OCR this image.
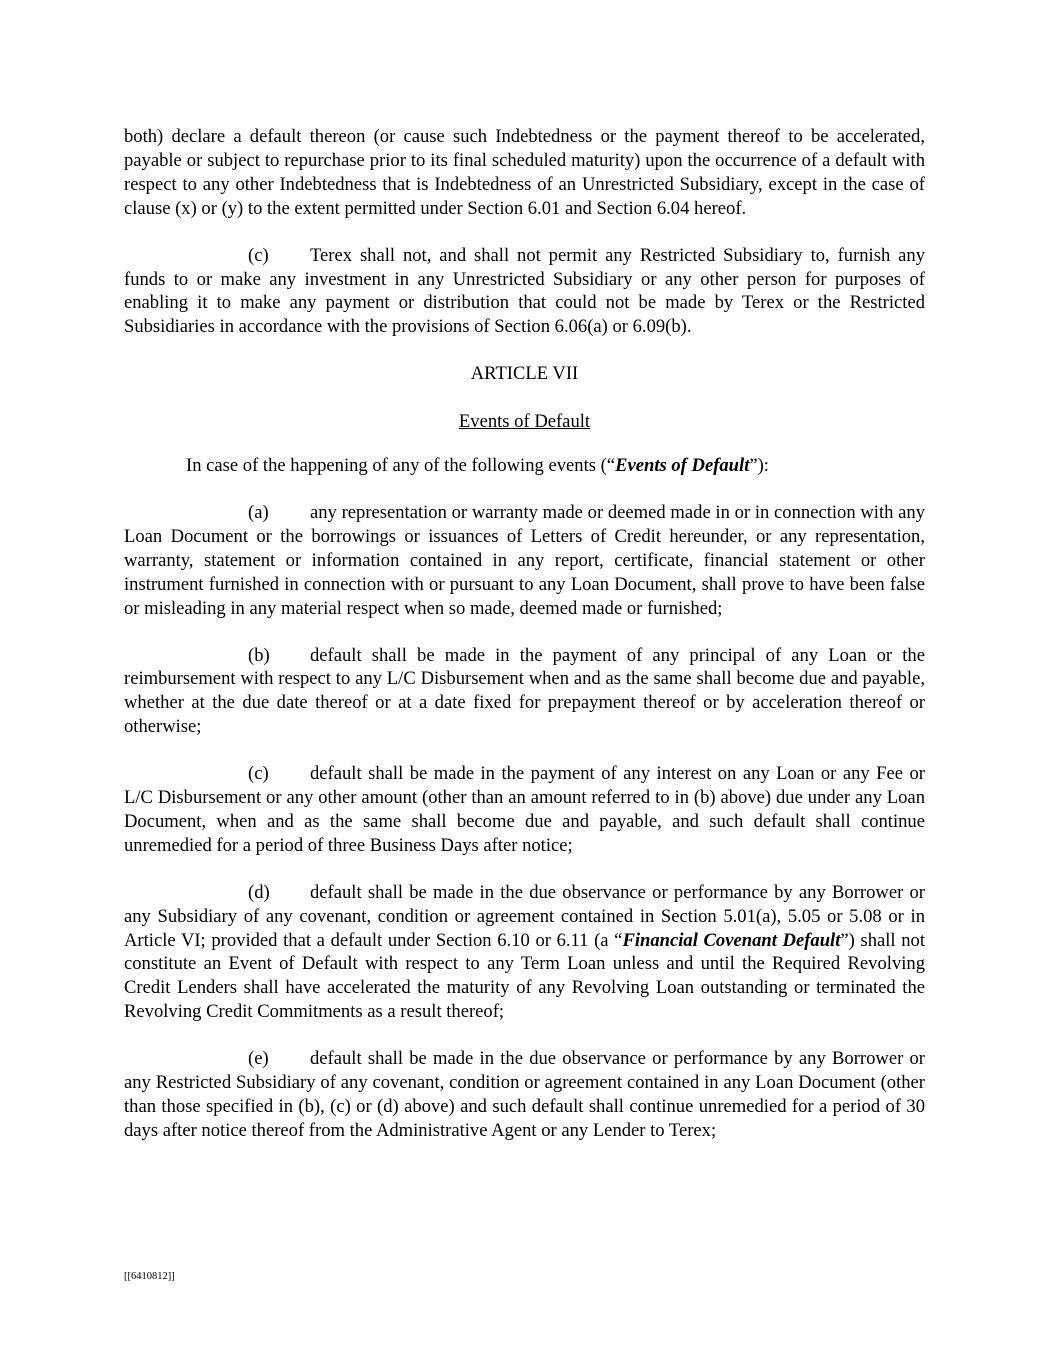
both) declare a default thereon (or cause such Indebtedness or the payment thereof to be accelerated, payable or subject to repurchase prior to its final scheduled maturity) upon the occurrence of a default with respect to any other Indebtedness that is Indebtedness of an Unrestricted Subsidiary, except in the case of clause (x) or (y) to the extent permitted under Section 6.01 and Section 6.04 hereof.

(c) Terex shall not, and shall not permit any Restricted Subsidiary to, furnish any funds to or make any investment in any Unrestricted Subsidiary or any other person for purposes of enabling it to make any payment or distribution that could not be made by Terex or the Restricted Subsidiaries in accordance with the provisions of Section 6.06(a) or 6.09(b).

ARTICLE VII

Events of Default

In case of the happening of any of the following events (“Events of Default”):

(a) any representation or warranty made or deemed made in or in connection with any Loan Document or the borrowings or issuances of Letters of Credit hereunder, or any representation, warranty, statement or information contained in any report, certificate, financial statement or other instrument furnished in connection with or pursuant to any Loan Document, shall prove to have been false or misleading in any material respect when so made, deemed made or furnished;

(b) default shall be made in the payment of any principal of any Loan or the reimbursement with respect to any L/C Disbursement when and as the same shall become due and payable, whether at the due date thereof or at a date fixed for prepayment thereof or by acceleration thereof or otherwise;

(c) default shall be made in the payment of any interest on any Loan or any Fee or L/C Disbursement or any other amount (other than an amount referred to in (b) above) due under any Loan Document, when and as the same shall become due and payable, and such default shall continue unremedied for a period of three Business Days after notice;

(d) default shall be made in the due observance or performance by any Borrower or any Subsidiary of any covenant, condition or agreement contained in Section 5.01(a), 5.05 or 5.08 or in Article VI; provided that a default under Section 6.10 or 6.11 (a “Financial Covenant Default”) shall not constitute an Event of Default with respect to any Term Loan unless and until the Required Revolving Credit Lenders shall have accelerated the maturity of any Revolving Loan outstanding or terminated the Revolving Credit Commitments as a result thereof;

(e) default shall be made in the due observance or performance by any Borrower or any Restricted Subsidiary of any covenant, condition or agreement contained in any Loan Document (other than those specified in (b), (c) or (d) above) and such default shall continue unremedied for a period of 30 days after notice thereof from the Administrative Agent or any Lender to Terex;

[[6410812]]
